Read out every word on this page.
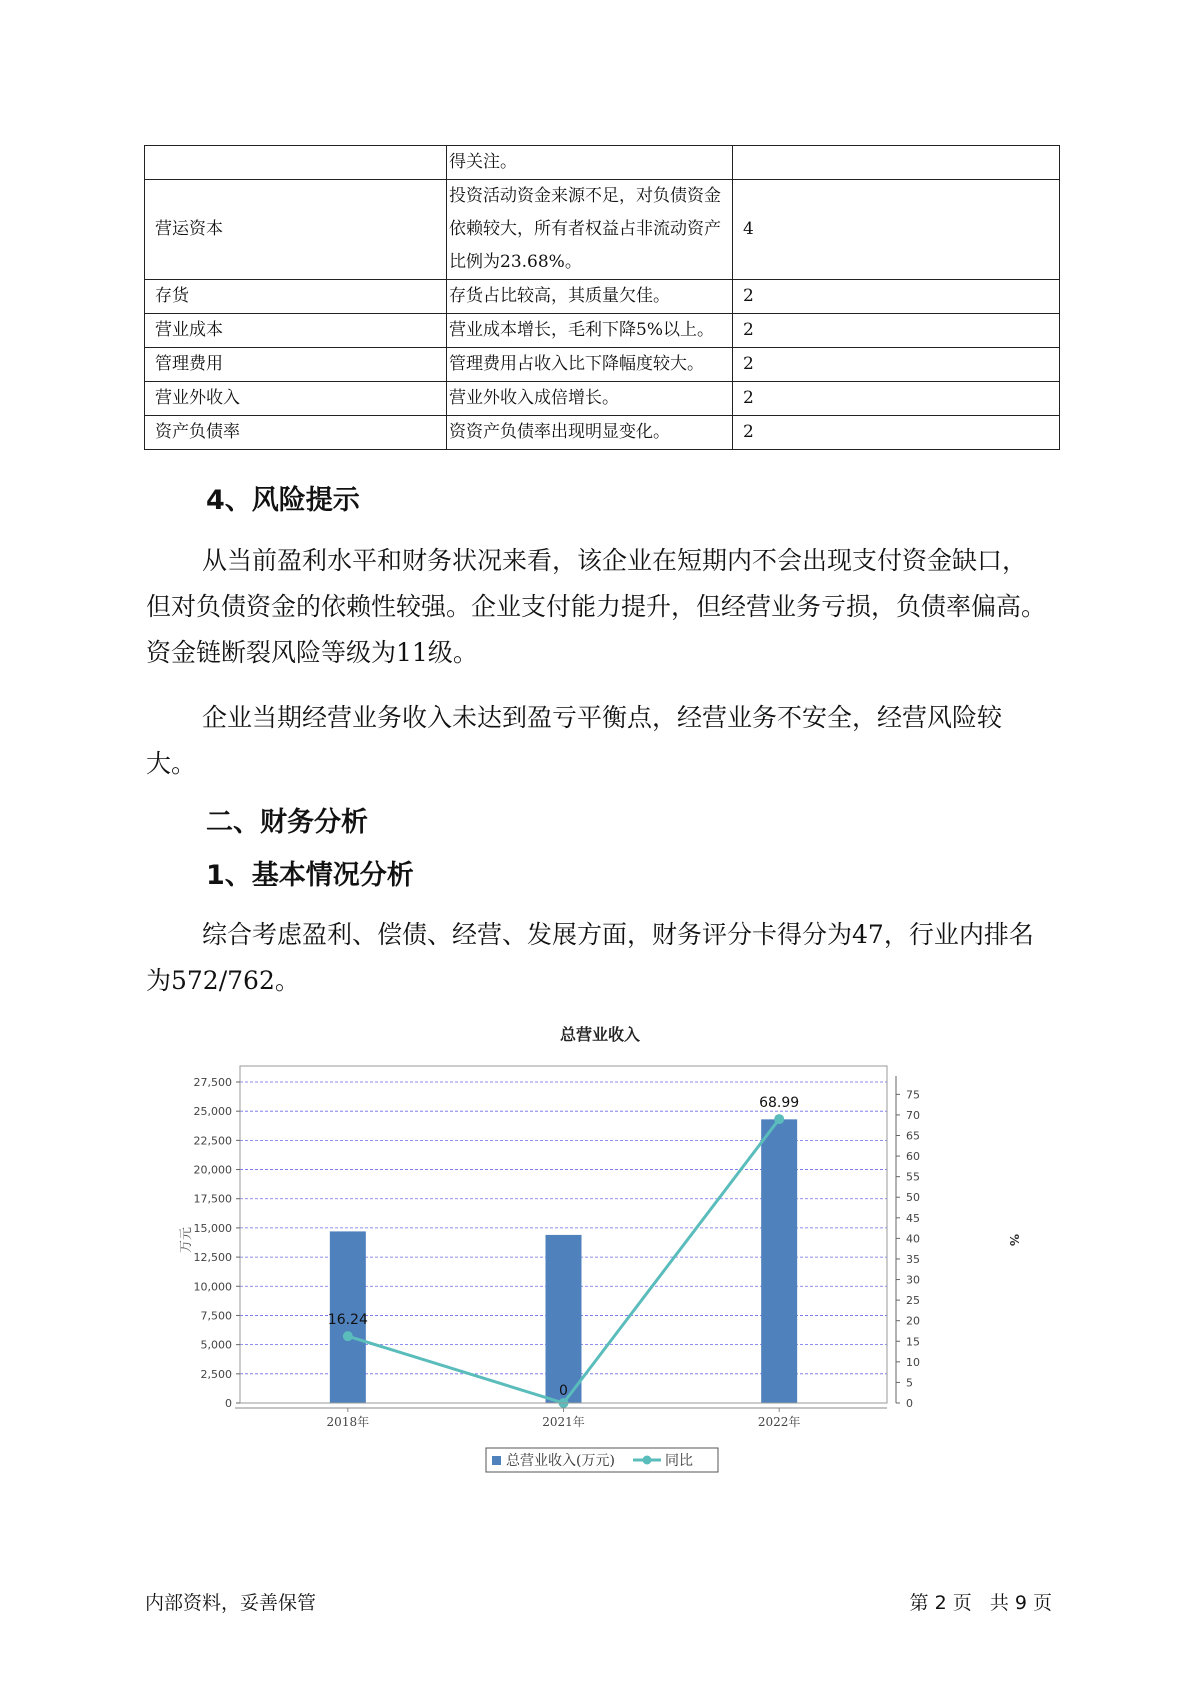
	得关注。	
营运资本	投资活动资金来源不足，对负债资金依赖较大，所有者权益占非流动资产比例为23.68%。	4
存货	存货占比较高，其质量欠佳。	2
营业成本	营业成本增长，毛利下降5%以上。	2
管理费用	管理费用占收入比下降幅度较大。	2
营业外收入	营业外收入成倍增长。	2
资产负债率	资资产负债率出现明显变化。	2
4、风险提示
从当前盈利水平和财务状况来看，该企业在短期内不会出现支付资金缺口，但对负债资金的依赖性较强。企业支付能力提升，但经营业务亏损，负债率偏高。资金链断裂风险等级为11级。
企业当期经营业务收入未达到盈亏平衡点，经营业务不安全，经营风险较大。
二、财务分析
1、基本情况分析
综合考虑盈利、偿债、经营、发展方面，财务评分卡得分为47，行业内排名为572/762。
总营业收入
16.24
0
68.99
0
2,500
5,000
7,500
10,000
12,500
15,000
17,500
20,000
22,500
25,000
27,500
0
5
10
15
20
25
30
35
40
45
50
55
60
65
70
75
2018年	2021年	2022年
万元	%
总营业收入(万元)	同比
内部资料，妥善保管	第 2 页   共 9 页
